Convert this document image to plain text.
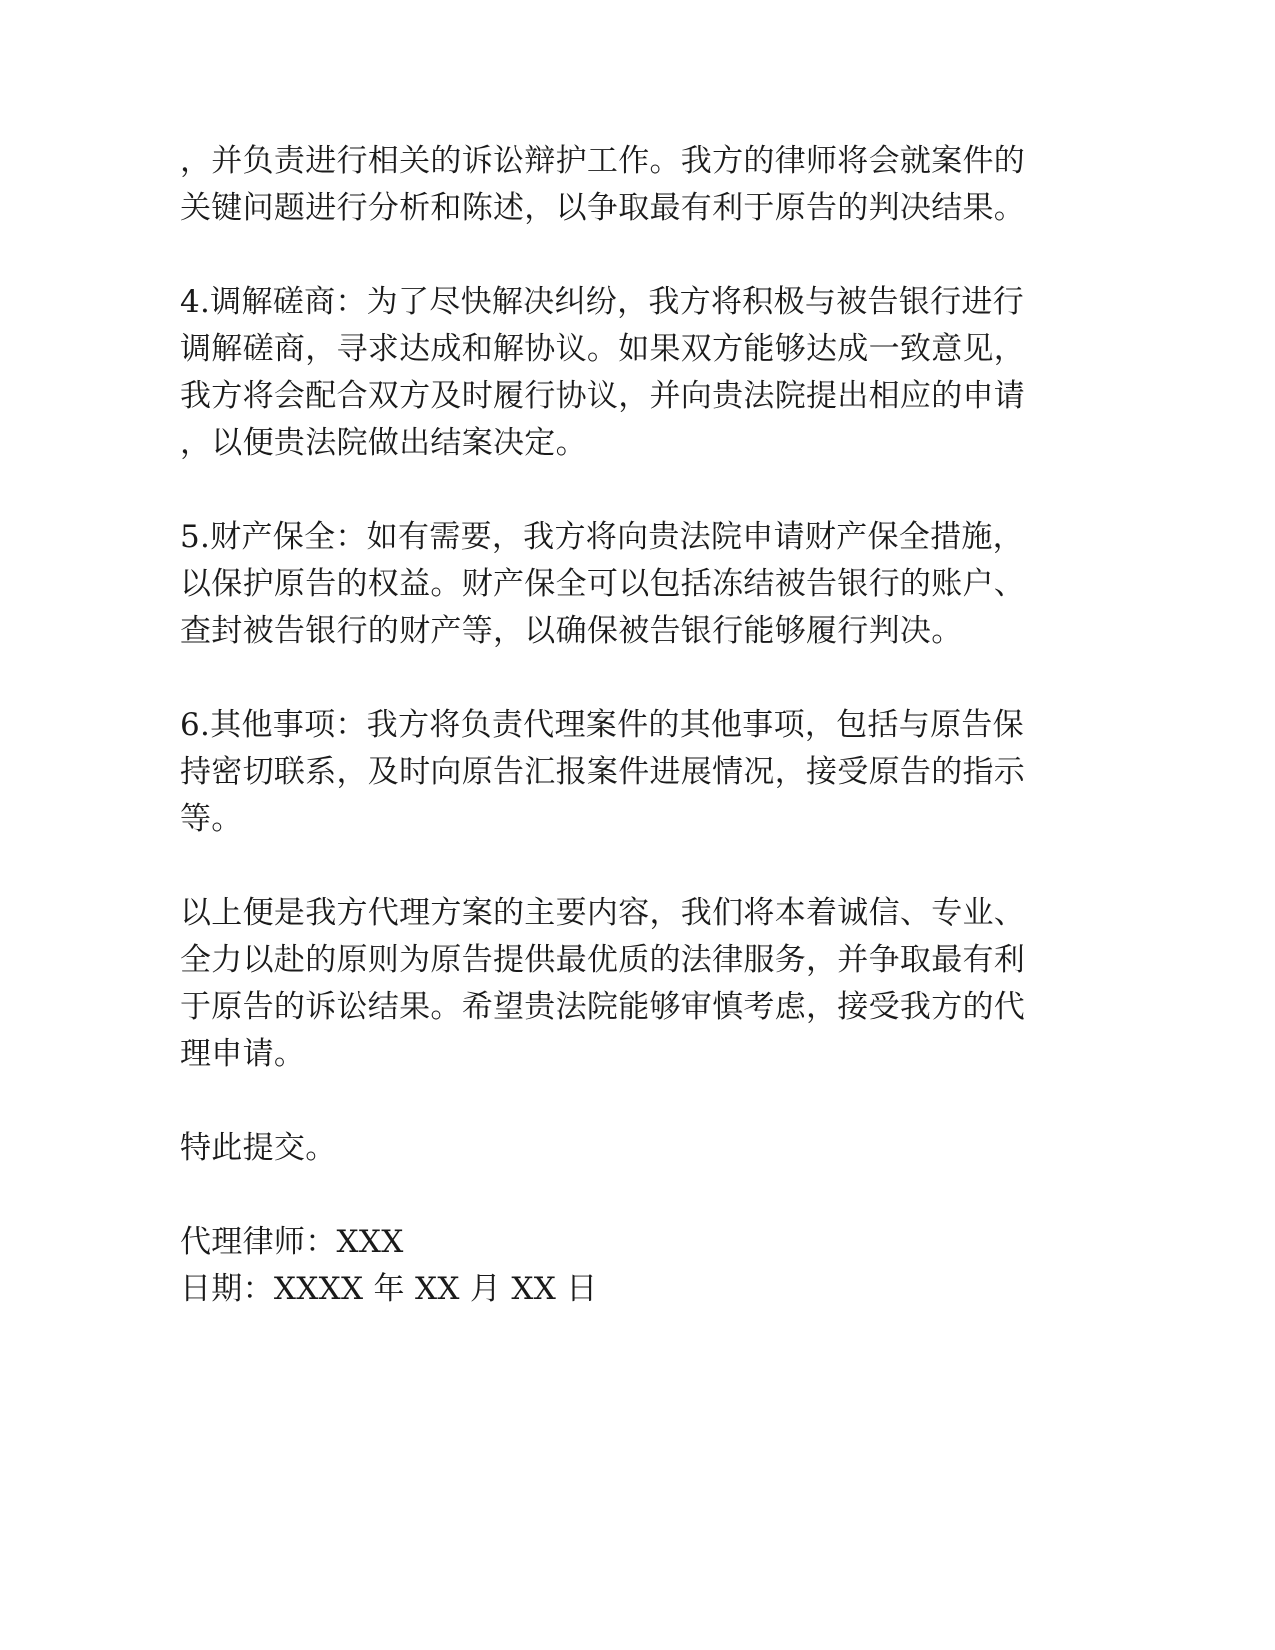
，并负责进行相关的诉讼辩护工作。我方的律师将会就案件的
关键问题进行分析和陈述，以争取最有利于原告的判决结果。

4.调解磋商：为了尽快解决纠纷，我方将积极与被告银行进行
调解磋商，寻求达成和解协议。如果双方能够达成一致意见，
我方将会配合双方及时履行协议，并向贵法院提出相应的申请
，以便贵法院做出结案决定。

5.财产保全：如有需要，我方将向贵法院申请财产保全措施，
以保护原告的权益。财产保全可以包括冻结被告银行的账户、
查封被告银行的财产等，以确保被告银行能够履行判决。

6.其他事项：我方将负责代理案件的其他事项，包括与原告保
持密切联系，及时向原告汇报案件进展情况，接受原告的指示
等。

以上便是我方代理方案的主要内容，我们将本着诚信、专业、
全力以赴的原则为原告提供最优质的法律服务，并争取最有利
于原告的诉讼结果。希望贵法院能够审慎考虑，接受我方的代
理申请。

特此提交。

代理律师：XXX
日期：XXXX 年 XX 月 XX 日
